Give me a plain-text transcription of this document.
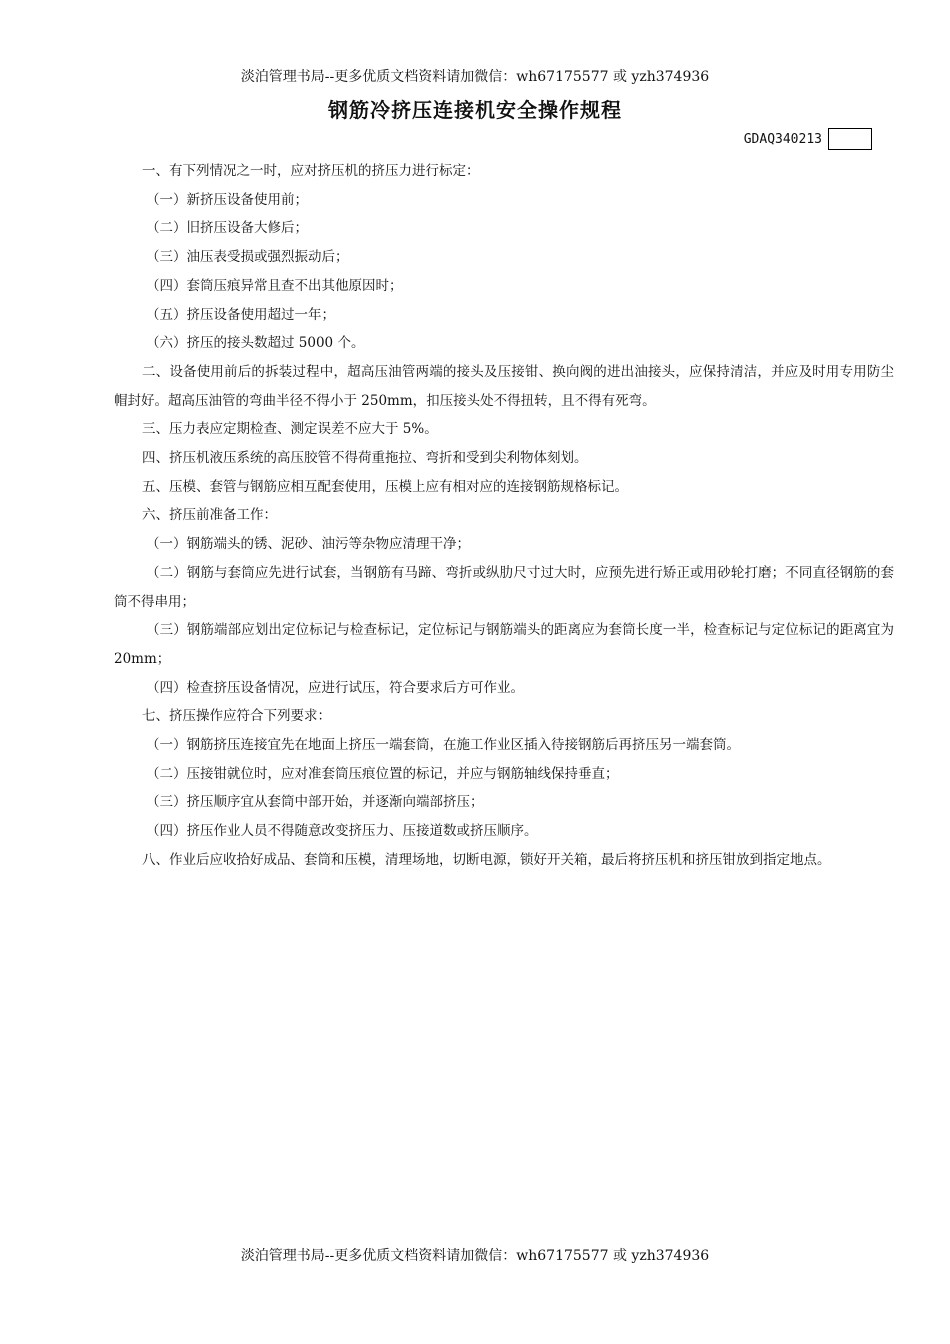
淡泊管理书局--更多优质文档资料请加微信：wh67175577 或 yzh374936
钢筋冷挤压连接机安全操作规程
GDAQ340213

一、有下列情况之一时，应对挤压机的挤压力进行标定：

（一）新挤压设备使用前；

（二）旧挤压设备大修后；

（三）油压表受损或强烈振动后；

（四）套筒压痕异常且查不出其他原因时；

（五）挤压设备使用超过一年；

（六）挤压的接头数超过 5000 个。

二、设备使用前后的拆装过程中，超高压油管两端的接头及压接钳、换向阀的进出油接头，应保持清洁，并应及时用专用防尘帽封好。超高压油管的弯曲半径不得小于 250mm，扣压接头处不得扭转，且不得有死弯。

三、压力表应定期检查、测定误差不应大于 5%。

四、挤压机液压系统的高压胶管不得荷重拖拉、弯折和受到尖利物体刻划。

五、压模、套管与钢筋应相互配套使用，压模上应有相对应的连接钢筋规格标记。

六、挤压前准备工作：

（一）钢筋端头的锈、泥砂、油污等杂物应清理干净；

（二）钢筋与套筒应先进行试套，当钢筋有马蹄、弯折或纵肋尺寸过大时，应预先进行矫正或用砂轮打磨；不同直径钢筋的套筒不得串用；

（三）钢筋端部应划出定位标记与检查标记，定位标记与钢筋端头的距离应为套筒长度一半，检查标记与定位标记的距离宜为 20mm；

（四）检查挤压设备情况，应进行试压，符合要求后方可作业。

七、挤压操作应符合下列要求：

（一）钢筋挤压连接宜先在地面上挤压一端套筒，在施工作业区插入待接钢筋后再挤压另一端套筒。

（二）压接钳就位时，应对准套筒压痕位置的标记，并应与钢筋轴线保持垂直；

（三）挤压顺序宜从套筒中部开始，并逐渐向端部挤压；

（四）挤压作业人员不得随意改变挤压力、压接道数或挤压顺序。

八、作业后应收拾好成品、套筒和压模，清理场地，切断电源，锁好开关箱，最后将挤压机和挤压钳放到指定地点。

淡泊管理书局--更多优质文档资料请加微信：wh67175577 或 yzh374936
